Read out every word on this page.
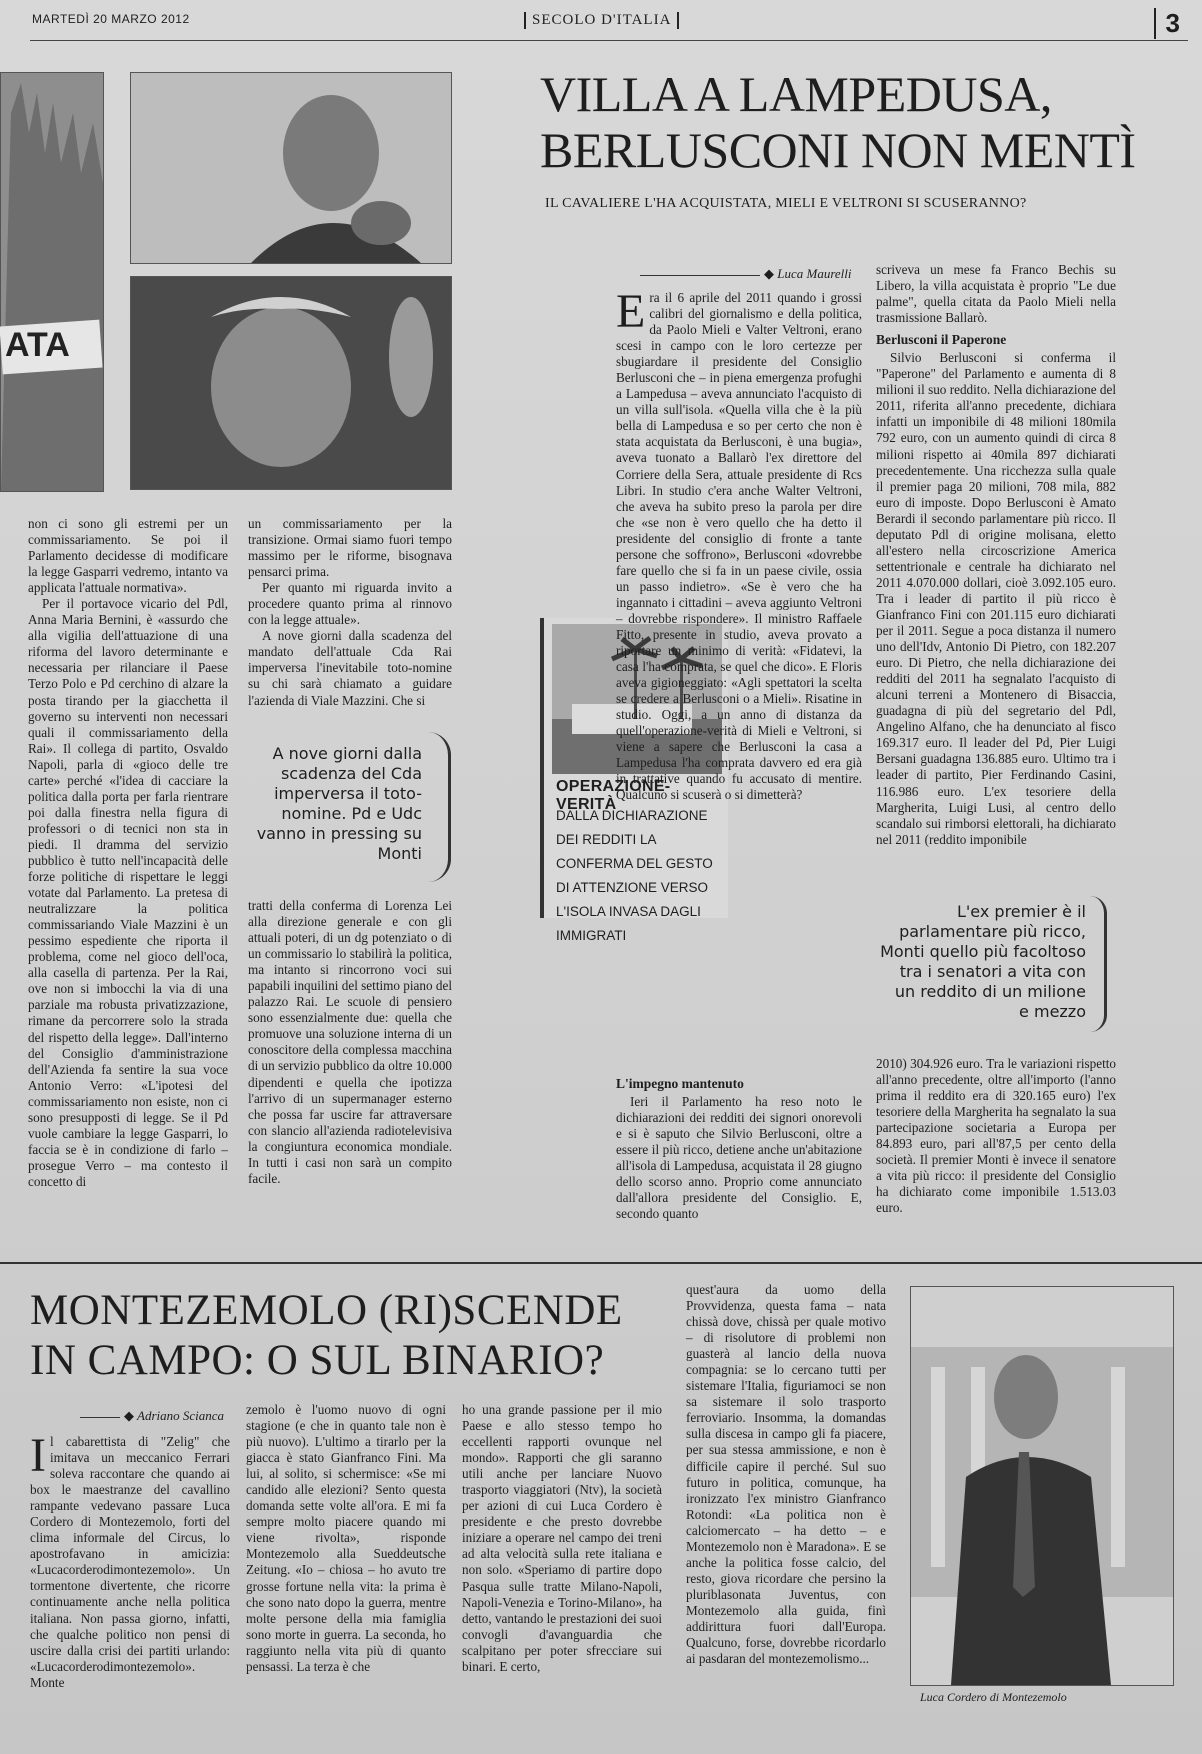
MARTEDÌ 20 MARZO 2012	SECOLO D'ITALIA	3
ATA
VILLA A LAMPEDUSA,
BERLUSCONI NON MENTÌ
IL CAVALIERE L'HA ACQUISTATA, MIELI E VELTRONI SI SCUSERANNO?
◆ Luca Maurelli
OPERAZIONE-VERITÀ
DALLA DICHIARAZIONE DEI REDDITI LA CONFERMA DEL GESTO DI ATTENZIONE VERSO L'ISOLA INVASA DAGLI IMMIGRATI
E ra il 6 aprile del 2011 quando i grossi calibri del giornalismo e della politica, da Paolo Mieli e Valter Veltroni, erano scesi in campo con le loro certezze per sbugiardare il presidente del Consiglio Berlusconi che – in piena emergenza profughi a Lampedusa – aveva annunciato l'acquisto di un villa sull'isola. «Quella villa che è la più bella di Lampedusa e so per certo che non è stata acquistata da Berlusconi, è una bugia», aveva tuonato a Ballarò l'ex direttore del Corriere della Sera, attuale presidente di Rcs Libri. In studio c'era anche Walter Veltroni, che aveva ha subito preso la parola per dire che «se non è vero quello che ha detto il presidente del consiglio di fronte a tante persone che soffrono», Berlusconi «dovrebbe fare quello che si fa in un paese civile, ossia un passo indietro». «Se è vero che ha ingannato i cittadini – aveva aggiunto Veltroni – dovrebbe rispondere». Il ministro Raffaele Fitto, presente in studio, aveva provato a riportare un minimo di verità: «Fidatevi, la casa l'ha comprata, se quel che dico». E Floris aveva gigioneggiato: «Agli spettatori la scelta se credere a Berlusconi o a Mieli». Risatine in studio. Oggi, a un anno di distanza da quell'operazione-verità di Mieli e Veltroni, si viene a sapere che Berlusconi la casa a Lampedusa l'ha comprata davvero ed era già in trattative quando fu accusato di mentire. Qualcuno si scuserà o si dimetterà?
L'impegno mantenuto

Ieri il Parlamento ha reso noto le dichiarazioni dei redditi dei signori onorevoli e si è saputo che Silvio Berlusconi, oltre a essere il più ricco, detiene anche un'abitazione all'isola di Lampedusa, acquistata il 28 giugno dello scorso anno. Proprio come annunciato dall'allora presidente del Consiglio. E, secondo quanto

scriveva un mese fa Franco Bechis su Libero, la villa acquistata è proprio "Le due palme", quella citata da Paolo Mieli nella trasmissione Ballarò.

Berlusconi il Paperone

Silvio Berlusconi si conferma il "Paperone" del Parlamento e aumenta di 8 milioni il suo reddito. Nella dichiarazione del 2011, riferita all'anno precedente, dichiara infatti un imponibile di 48 milioni 180mila 792 euro, con un aumento quindi di circa 8 milioni rispetto ai 40mila 897 dichiarati precedentemente. Una ricchezza sulla quale il premier paga 20 milioni, 708 mila, 882 euro di imposte. Dopo Berlusconi è Amato Berardi il secondo parlamentare più ricco. Il deputato Pdl di origine molisana, eletto all'estero nella circoscrizione America settentrionale e centrale ha dichiarato nel 2011 4.070.000 dollari, cioè 3.092.105 euro. Tra i leader di partito il più ricco è Gianfranco Fini con 201.115 euro dichiarati per il 2011. Segue a poca distanza il numero uno dell'Idv, Antonio Di Pietro, con 182.207 euro. Di Pietro, che nella dichiarazione dei redditi del 2011 ha segnalato l'acquisto di alcuni terreni a Montenero di Bisaccia, guadagna di più del segretario del Pdl, Angelino Alfano, che ha denunciato al fisco 169.317 euro. Il leader del Pd, Pier Luigi Bersani guadagna 136.885 euro. Ultimo tra i leader di partito, Pier Ferdinando Casini, 116.986 euro. L'ex tesoriere della Margherita, Luigi Lusi, al centro dello scandalo sui rimborsi elettorali, ha dichiarato nel 2011 (reddito imponibile

L'ex premier è il parlamentare più ricco, Monti quello più facoltoso tra i senatori a vita con un reddito di un milione e mezzo

2010) 304.926 euro. Tra le variazioni rispetto all'anno precedente, oltre all'importo (l'anno prima il reddito era di 320.165 euro) l'ex tesoriere della Margherita ha segnalato la sua partecipazione societaria a Europa per 84.893 euro, pari all'87,5 per cento della società. Il premier Monti è invece il senatore a vita più ricco: il presidente del Consiglio ha dichiarato come imponibile 1.513.03 euro.

non ci sono gli estremi per un commissariamento. Se poi il Parlamento decidesse di modificare la legge Gasparri vedremo, intanto va applicata l'attuale normativa».

Per il portavoce vicario del Pdl, Anna Maria Bernini, è «assurdo che alla vigilia dell'attuazione di una riforma del lavoro determinante e necessaria per rilanciare il Paese Terzo Polo e Pd cerchino di alzare la posta tirando per la giacchetta il governo su interventi non necessari quali il commissariamento della Rai». Il collega di partito, Osvaldo Napoli, parla di «gioco delle tre carte» perché «l'idea di cacciare la politica dalla porta per farla rientrare poi dalla finestra nella figura di professori o di tecnici non sta in piedi. Il dramma del servizio pubblico è tutto nell'incapacità delle forze politiche di rispettare le leggi votate dal Parlamento. La pretesa di neutralizzare la politica commissariando Viale Mazzini è un pessimo espediente che riporta il problema, come nel gioco dell'oca, alla casella di partenza. Per la Rai, ove non si imbocchi la via di una parziale ma robusta privatizzazione, rimane da percorrere solo la strada del rispetto della legge». Dall'interno del Consiglio d'amministrazione dell'Azienda fa sentire la sua voce Antonio Verro: «L'ipotesi del commissariamento non esiste, non ci sono presupposti di legge. Se il Pd vuole cambiare la legge Gasparri, lo faccia se è in condizione di farlo – prosegue Verro – ma contesto il concetto di

un commissariamento per la transizione. Ormai siamo fuori tempo massimo per le riforme, bisognava pensarci prima.

Per quanto mi riguarda invito a procedere quanto prima al rinnovo con la legge attuale».

A nove giorni dalla scadenza del mandato dell'attuale Cda Rai imperversa l'inevitabile toto-nomine su chi sarà chiamato a guidare l'azienda di Viale Mazzini. Che si

A nove giorni dalla scadenza del Cda imperversa il toto-nomine. Pd e Udc vanno in pressing su Monti

tratti della conferma di Lorenza Lei alla direzione generale e con gli attuali poteri, di un dg potenziato o di un commissario lo stabilirà la politica, ma intanto si rincorrono voci sui papabili inquilini del settimo piano del palazzo Rai. Le scuole di pensiero sono essenzialmente due: quella che promuove una soluzione interna di un conoscitore della complessa macchina di un servizio pubblico da oltre 10.000 dipendenti e quella che ipotizza l'arrivo di un supermanager esterno che possa far uscire far attraversare con slancio all'azienda radiotelevisiva la congiuntura economica mondiale. In tutti i casi non sarà un compito facile.

MONTEZEMOLO (RI)SCENDE
IN CAMPO: O SUL BINARIO?
◆ Adriano Scianca
I l cabarettista di "Zelig" che imitava un meccanico Ferrari soleva raccontare che quando ai box le maestranze del cavallino rampante vedevano passare Luca Cordero di Montezemolo, forti del clima informale del Circus, lo apostrofavano in amicizia: «Lucacorderodimontezemolo». Un tormentone divertente, che ricorre continuamente anche nella politica italiana. Non passa giorno, infatti, che qualche politico non pensi di uscire dalla crisi dei partiti urlando: «Lucacorderodimontezemolo». Monte

zemolo è l'uomo nuovo di ogni stagione (e che in quanto tale non è più nuovo). L'ultimo a tirarlo per la giacca è stato Gianfranco Fini. Ma lui, al solito, si schermisce: «Se mi candido alle elezioni? Sento questa domanda sette volte all'ora. E mi fa sempre molto piacere quando mi viene rivolta», risponde Montezemolo alla Sueddeutsche Zeitung. «Io – chiosa – ho avuto tre grosse fortune nella vita: la prima è che sono nato dopo la guerra, mentre molte persone della mia famiglia sono morte in guerra. La seconda, ho raggiunto nella vita più di quanto pensassi. La terza è che

ho una grande passione per il mio Paese e allo stesso tempo ho eccellenti rapporti ovunque nel mondo». Rapporti che gli saranno utili anche per lanciare Nuovo trasporto viaggiatori (Ntv), la società per azioni di cui Luca Cordero è presidente e che presto dovrebbe iniziare a operare nel campo dei treni ad alta velocità sulla rete italiana e non solo. «Speriamo di partire dopo Pasqua sulle tratte Milano-Napoli, Napoli-Venezia e Torino-Milano», ha detto, vantando le prestazioni dei suoi convogli d'avanguardia che scalpitano per poter sfrecciare sui binari. E certo,

quest'aura da uomo della Provvidenza, questa fama – nata chissà dove, chissà per quale motivo – di risolutore di problemi non guasterà al lancio della nuova compagnia: se lo cercano tutti per sistemare l'Italia, figuriamoci se non sa sistemare il solo trasporto ferroviario. Insomma, la domandas sulla discesa in campo gli fa piacere, per sua stessa ammissione, e non è difficile capire il perché. Sul suo futuro in politica, comunque, ha ironizzato l'ex ministro Gianfranco Rotondi: «La politica non è calciomercato – ha detto – e Montezemolo non è Maradona». E se anche la politica fosse calcio, del resto, giova ricordare che persino la pluriblasonata Juventus, con Montezemolo alla guida, finì addirittura fuori dall'Europa. Qualcuno, forse, dovrebbe ricordarlo ai pasdaran del montezemolismo...

Luca Cordero di Montezemolo
